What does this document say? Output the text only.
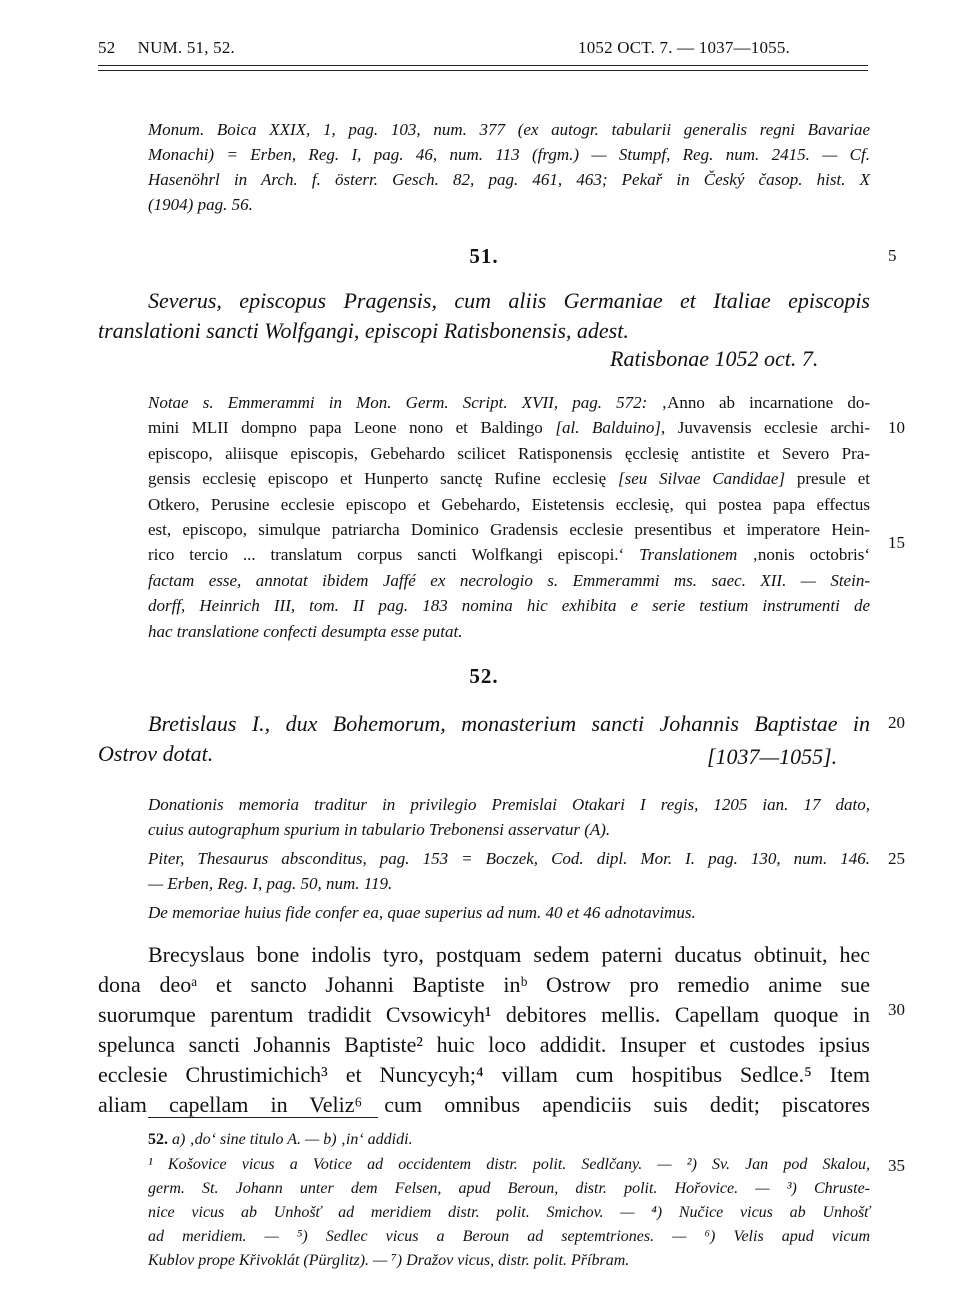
52 NUM. 51, 52.	1052 OCT. 7. — 1037—1055.

Monum. Boica XXIX, 1, pag. 103, num. 377 (ex autogr. tabularii generalis regni Bavariae

Monachi) = Erben, Reg. I, pag. 46, num. 113 (frgm.) — Stumpf, Reg. num. 2415. — Cf.

Hasenöhrl in Arch. f. österr. Gesch. 82, pag. 461, 463; Pekař in Český časop. hist. X

(1904) pag. 56.

51.

Severus, episcopus Pragensis, cum aliis Germaniae et Italiae episcopis

translationi sancti Wolfgangi, episcopi Ratisbonensis, adest.

Ratisbonae 1052 oct. 7.

Notae s. Emmerammi in Mon. Germ. Script. XVII, pag. 572: ‚Anno ab incarnatione do-

mini MLII dompno papa Leone nono et Baldingo [al. Balduino], Juvavensis ecclesie archi-

episcopo, aliisque episcopis, Gebehardo scilicet Ratisponensis ęcclesię antistite et Severo Pra-

gensis ecclesię episcopo et Hunperto sanctę Rufine ecclesię [seu Silvae Candidae] presule et

Otkero, Perusine ecclesie episcopo et Gebehardo, Eistetensis ecclesię, qui postea papa effectus

est, episcopo, simulque patriarcha Dominico Gradensis ecclesie presentibus et imperatore Hein-

rico tercio ... translatum corpus sancti Wolfkangi episcopi.‘ Translationem ‚nonis octobris‘

factam esse, annotat ibidem Jaffé ex necrologio s. Emmerammi ms. saec. XII. — Stein-

dorff, Heinrich III, tom. II pag. 183 nomina hic exhibita e serie testium instrumenti de

hac translatione confecti desumpta esse putat.

52.

Bretislaus I., dux Bohemorum, monasterium sancti Johannis Baptistae in

Ostrov dotat.	[1037—1055].

Donationis memoria traditur in privilegio Premislai Otakari I regis, 1205 ian. 17 dato,

cuius autographum spurium in tabulario Trebonensi asservatur (A).

Piter, Thesaurus absconditus, pag. 153 = Boczek, Cod. dipl. Mor. I. pag. 130, num. 146.

— Erben, Reg. I, pag. 50, num. 119.

De memoriae huius fide confer ea, quae superius ad num. 40 et 46 adnotavimus.

Brecyslaus bone indolis tyro, postquam sedem paterni ducatus obtinuit, hec

dona deoᵃ et sancto Johanni Baptiste inᵇ Ostrow pro remedio anime sue

suorumque parentum tradidit Cvsowicyh¹ debitores mellis. Capellam quoque in

spelunca sancti Johannis Baptiste² huic loco addidit. Insuper et custodes ipsius

ecclesie Chrustimichich³ et Nuncycyh;⁴ villam cum hospitibus Sedlce.⁵ Item

aliam capellam in Veliz⁶ cum omnibus apendiciis suis dedit; piscatores

52. a) ‚do‘ sine titulo A. — b) ‚in‘ addidi.

¹ Košovice vicus a Votice ad occidentem distr. polit. Sedlčany. — ²) Sv. Jan pod Skalou,

germ. St. Johann unter dem Felsen, apud Beroun, distr. polit. Hořovice. — ³) Chruste-

nice vicus ab Unhošť ad meridiem distr. polit. Smichov. — ⁴) Nučice vicus ab Unhošť

ad meridiem. — ⁵) Sedlec vicus a Beroun ad septemtriones. — ⁶) Velis apud vicum

Kublov prope Křivoklát (Pürglitz). — ⁷) Dražov vicus, distr. polit. Příbram.

5
10
15
20
25
30
35
